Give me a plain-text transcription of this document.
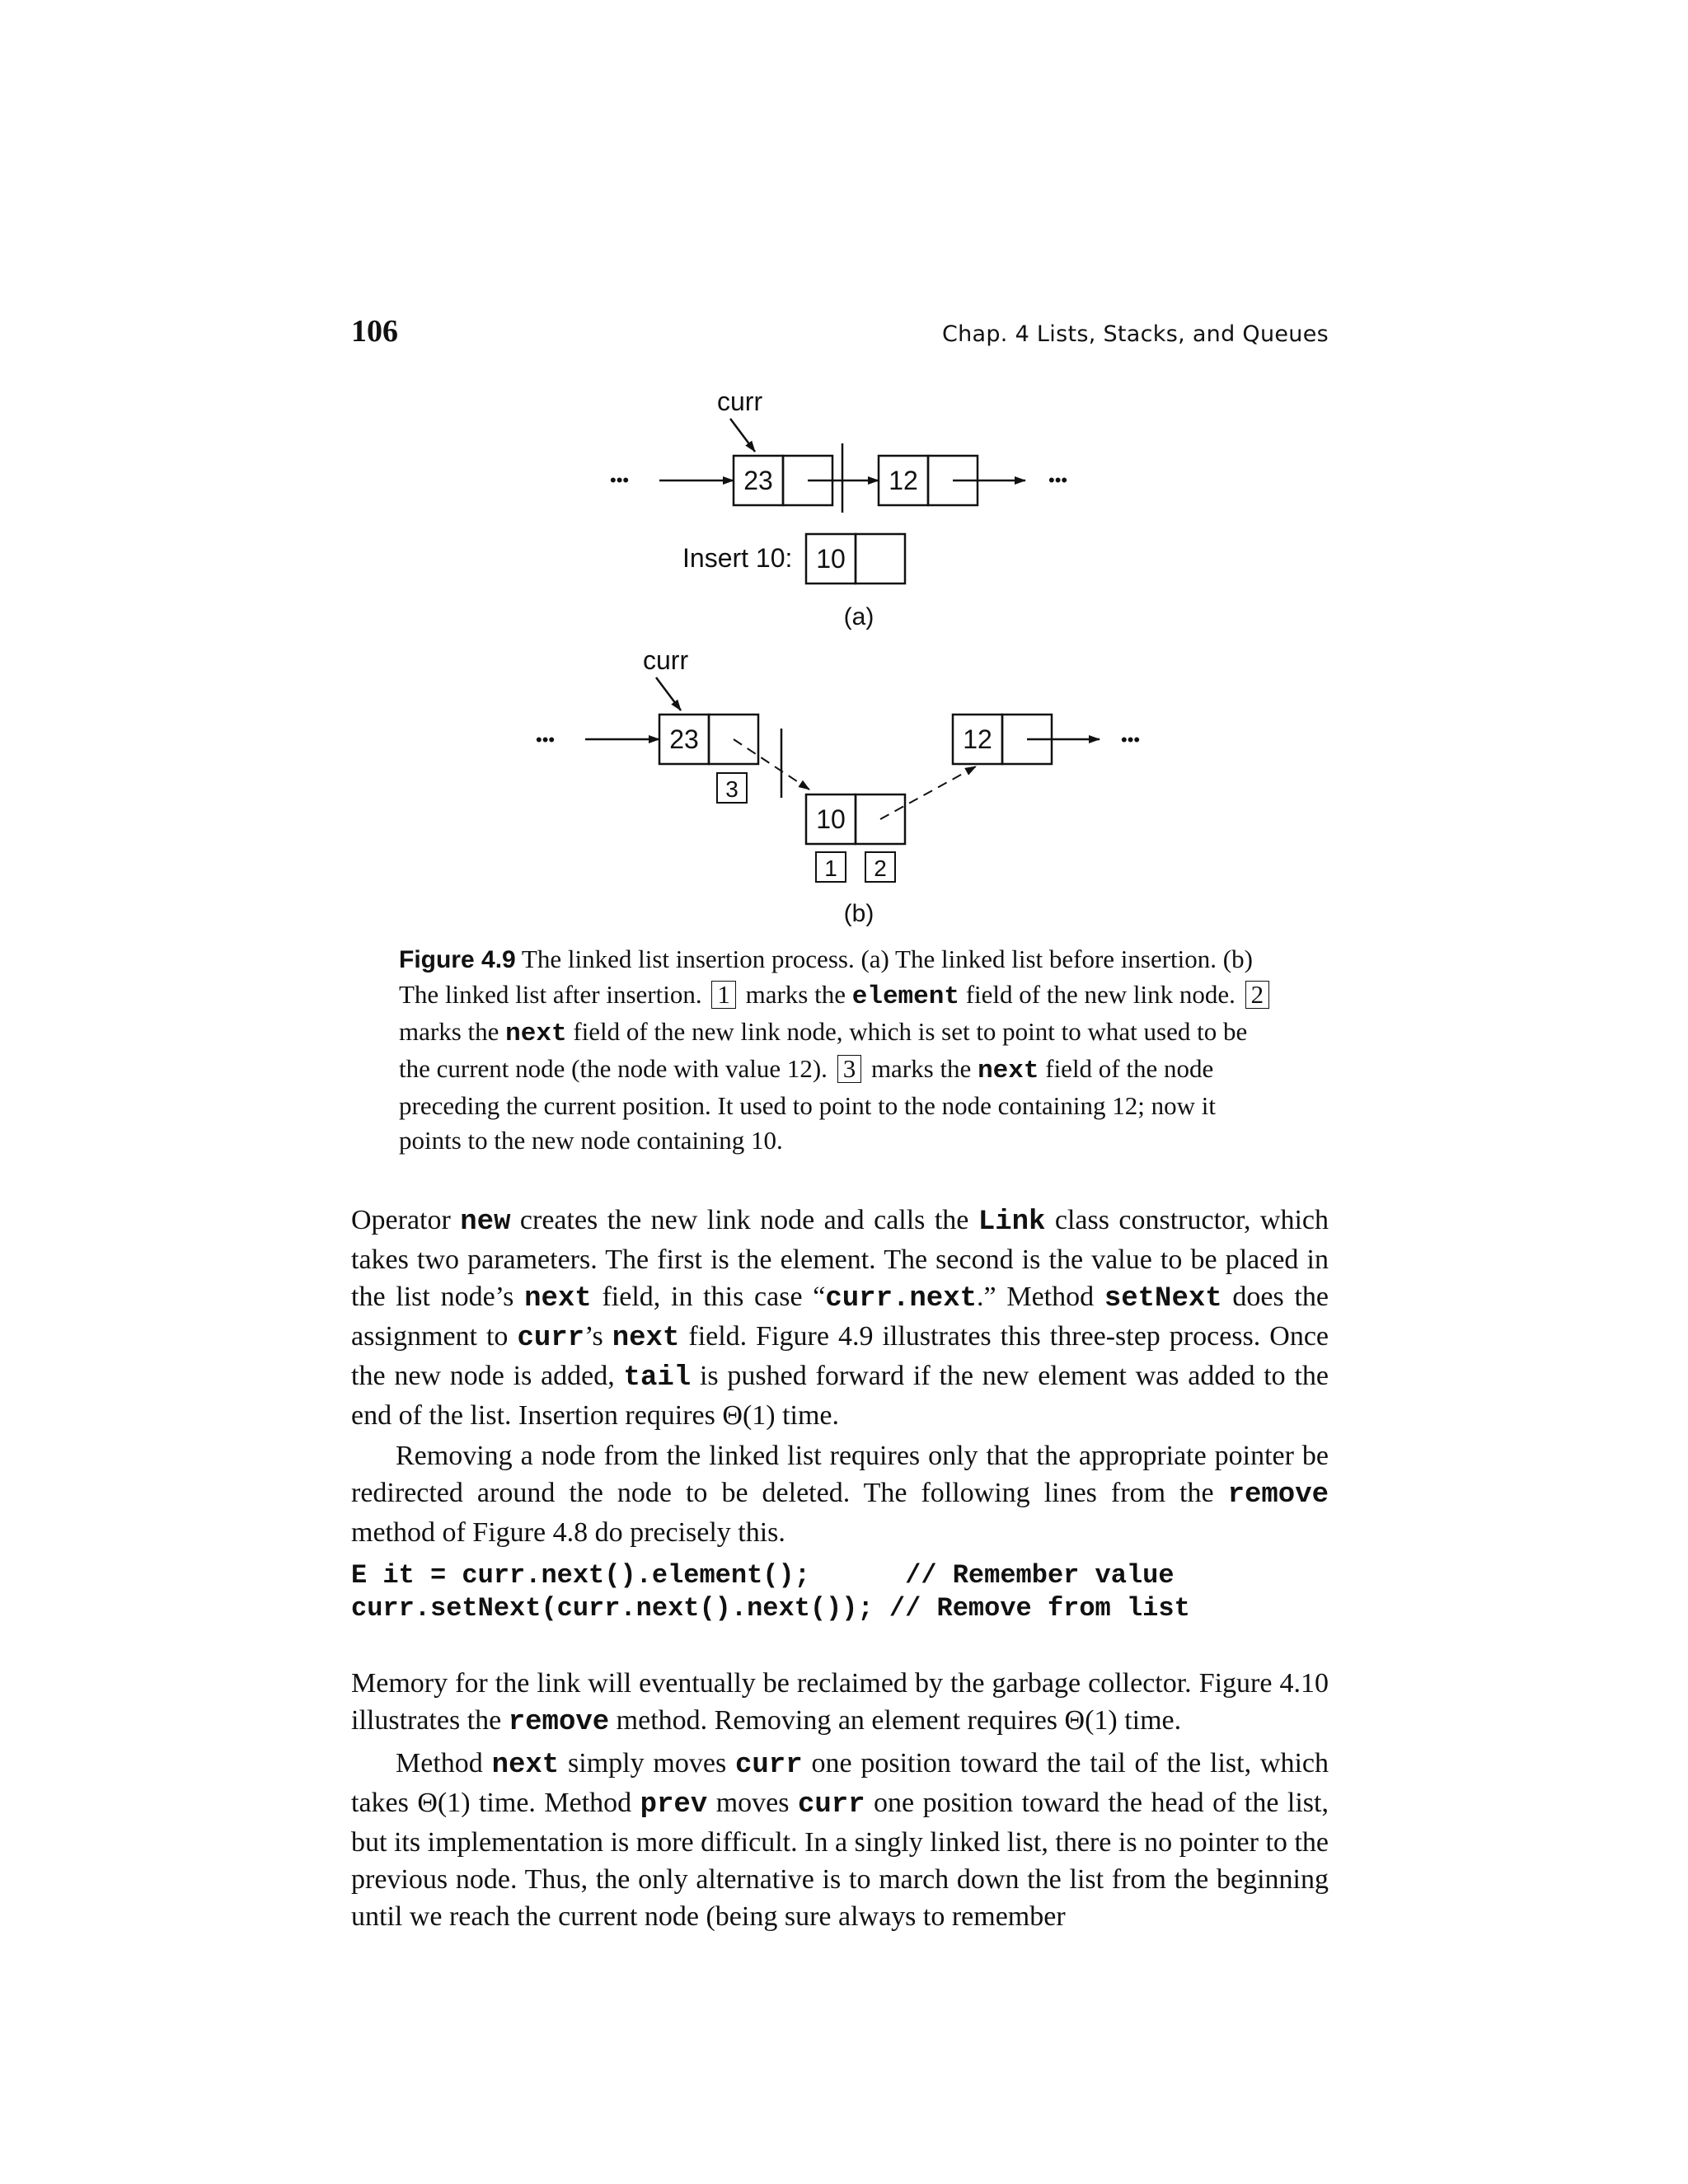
106	Chap. 4 Lists, Stacks, and Queues
curr
•••	23	12	•••
Insert 10: 10
(a)
curr
•••	23
3
10
1 2
12	•••
(b)
Figure 4.9 The linked list insertion process. (a) The linked list before insertion. (b) The linked list after insertion. 1 marks the element field of the new link node. 2 marks the next field of the new link node, which is set to point to what used to be the current node (the node with value 12). 3 marks the next field of the node preceding the current position. It used to point to the node containing 12; now it points to the new node containing 10.

Operator new creates the new link node and calls the Link class constructor, which takes two parameters. The first is the element. The second is the value to be placed in the list node’s next field, in this case “curr.next.” Method setNext does the assignment to curr’s next field. Figure 4.9 illustrates this three-step process. Once the new node is added, tail is pushed forward if the new element was added to the end of the list. Insertion requires Θ(1) time.

Removing a node from the linked list requires only that the appropriate pointer be redirected around the node to be deleted. The following lines from the remove method of Figure 4.8 do precisely this.

E it = curr.next().element();      // Remember value
curr.setNext(curr.next().next()); // Remove from list

Memory for the link will eventually be reclaimed by the garbage collector. Figure 4.10 illustrates the remove method. Removing an element requires Θ(1) time.

Method next simply moves curr one position toward the tail of the list, which takes Θ(1) time. Method prev moves curr one position toward the head of the list, but its implementation is more difficult. In a singly linked list, there is no pointer to the previous node. Thus, the only alternative is to march down the list from the beginning until we reach the current node (being sure always to remember
